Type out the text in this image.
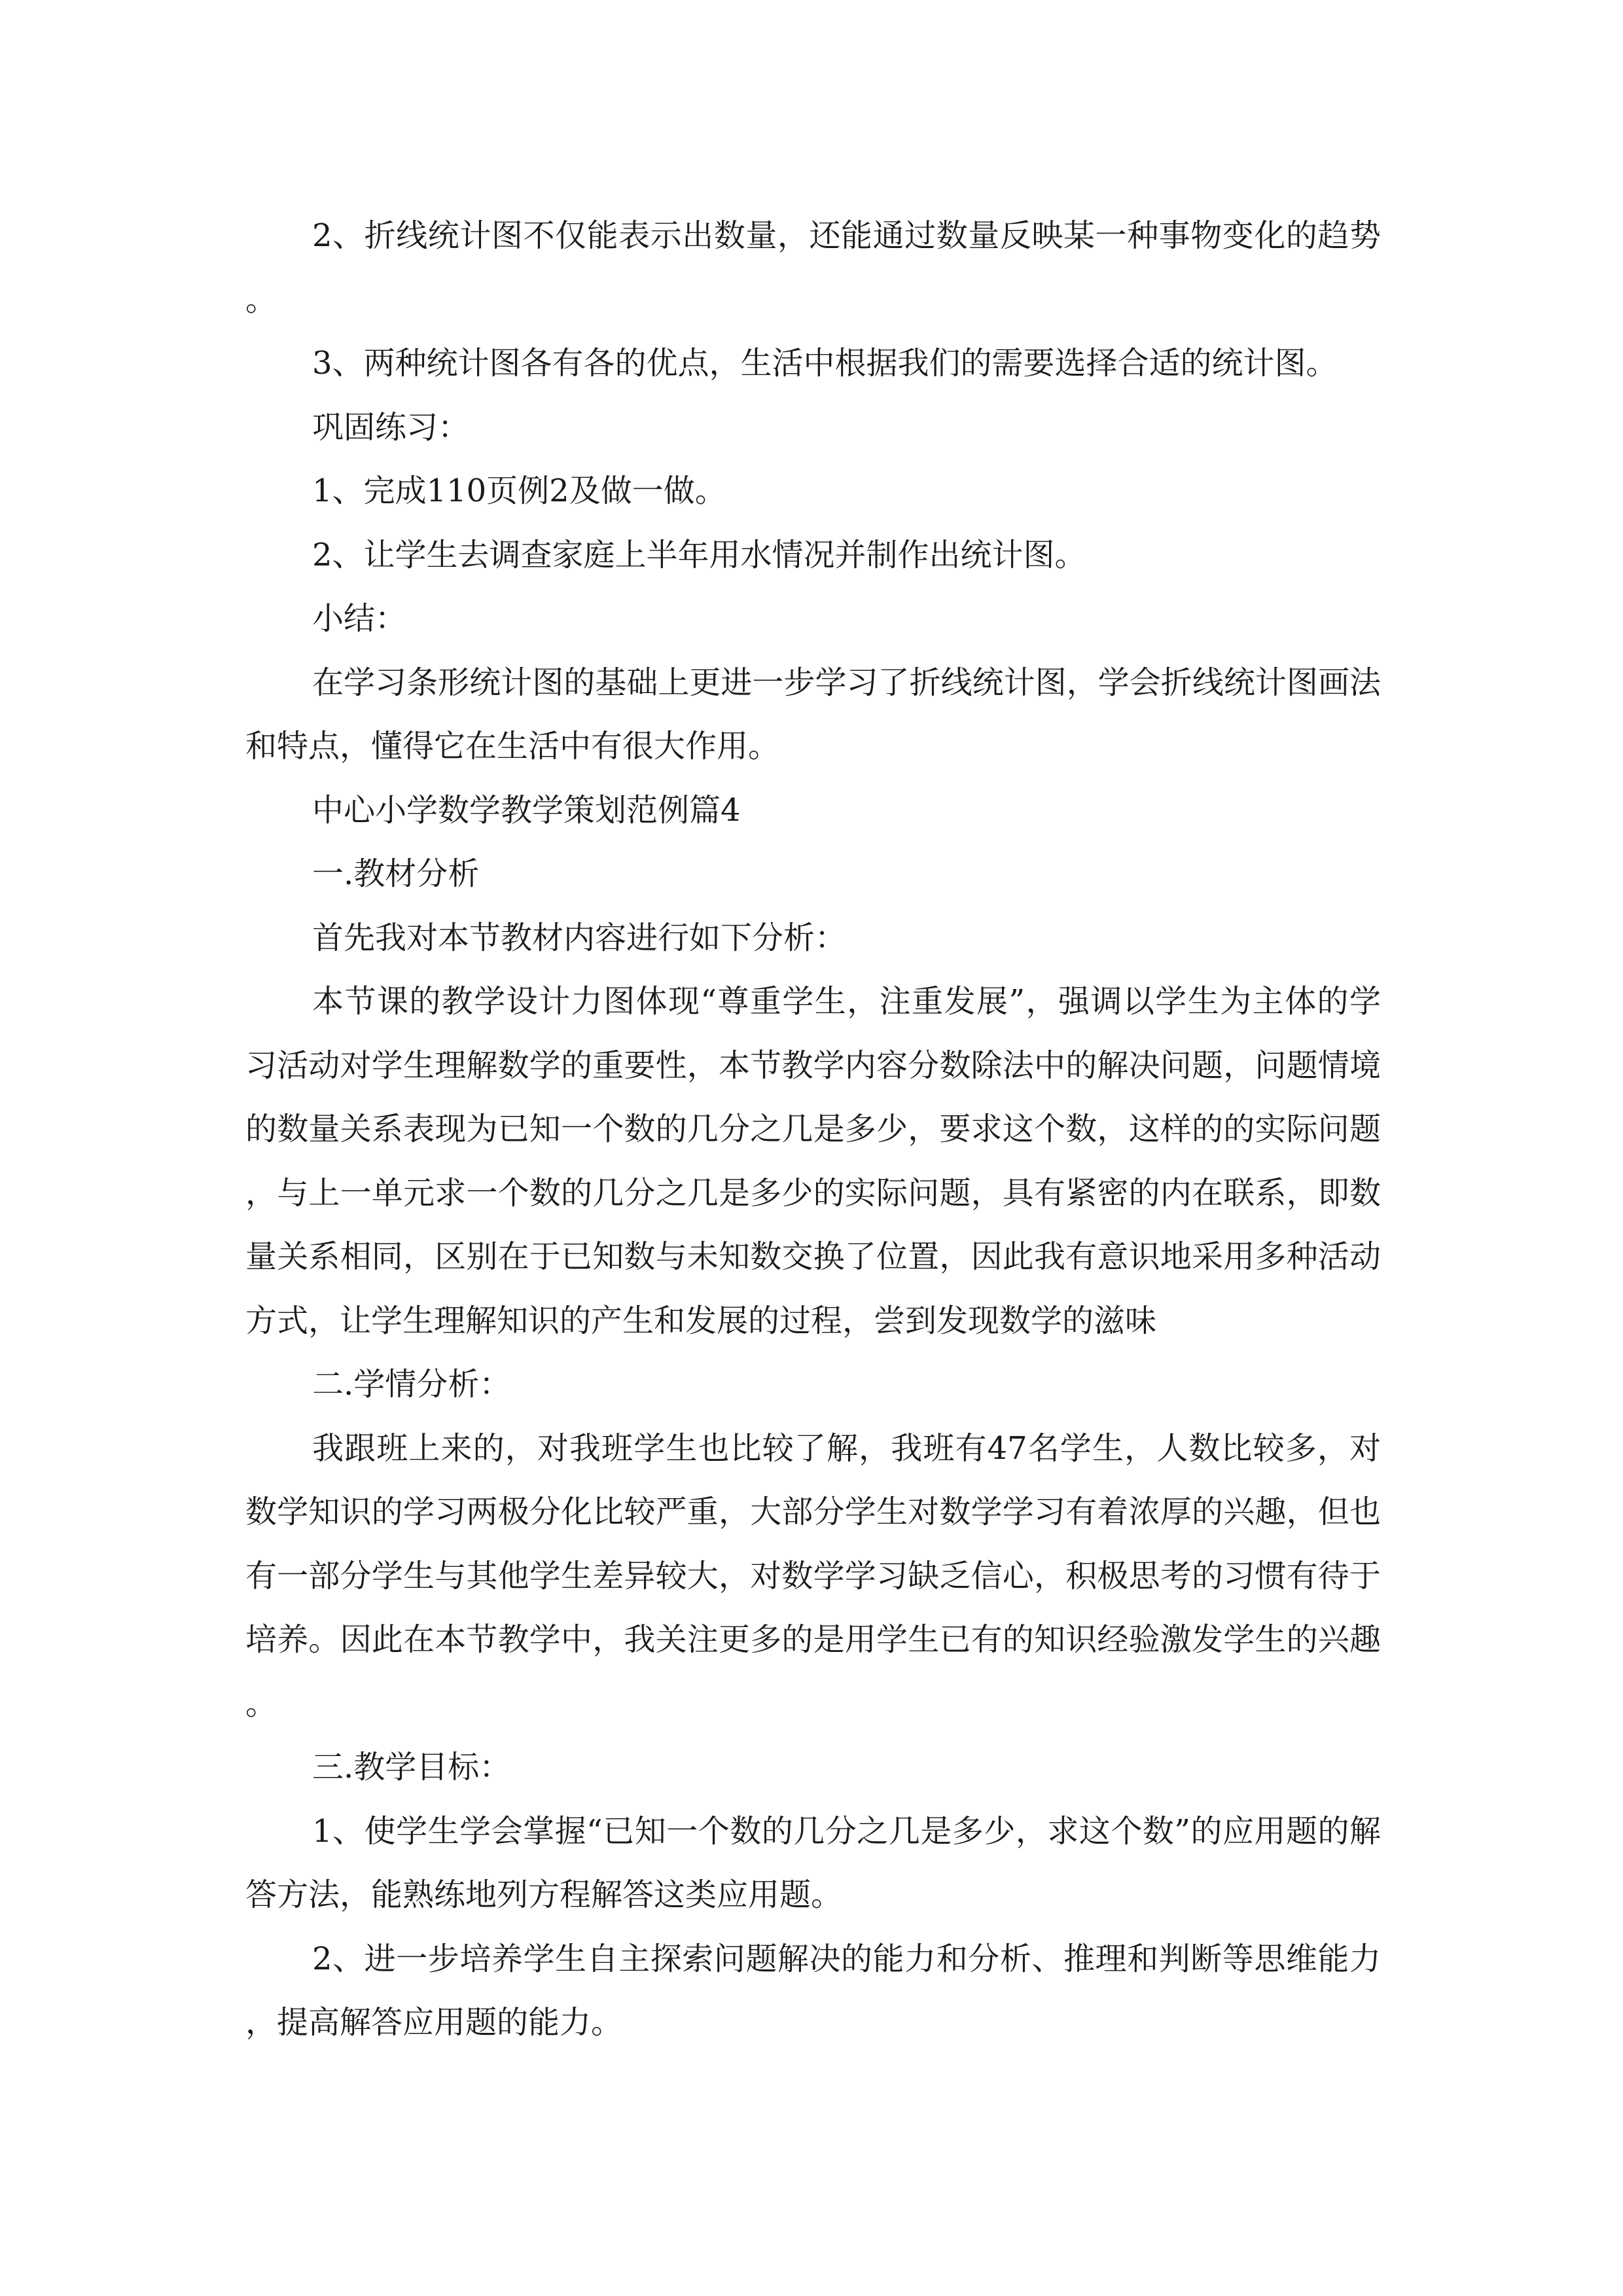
2、折线统计图不仅能表示出数量，还能通过数量反映某一种事物变化的趋势。

3、两种统计图各有各的优点，生活中根据我们的需要选择合适的统计图。

巩固练习：

1、完成110页例2及做一做。

2、让学生去调查家庭上半年用水情况并制作出统计图。

小结：

在学习条形统计图的基础上更进一步学习了折线统计图，学会折线统计图画法和特点，懂得它在生活中有很大作用。

中心小学数学教学策划范例篇4

一.教材分析

首先我对本节教材内容进行如下分析：

本节课的教学设计力图体现“尊重学生，注重发展”，强调以学生为主体的学习活动对学生理解数学的重要性，本节教学内容分数除法中的解决问题，问题情境的数量关系表现为已知一个数的几分之几是多少，要求这个数，这样的的实际问题，与上一单元求一个数的几分之几是多少的实际问题，具有紧密的内在联系，即数量关系相同，区别在于已知数与未知数交换了位置，因此我有意识地采用多种活动方式，让学生理解知识的产生和发展的过程，尝到发现数学的滋味

二.学情分析：

我跟班上来的，对我班学生也比较了解，我班有47名学生，人数比较多，对数学知识的学习两极分化比较严重，大部分学生对数学学习有着浓厚的兴趣，但也有一部分学生与其他学生差异较大，对数学学习缺乏信心，积极思考的习惯有待于培养。因此在本节教学中，我关注更多的是用学生已有的知识经验激发学生的兴趣。

三.教学目标：

1、使学生学会掌握“已知一个数的几分之几是多少，求这个数”的应用题的解答方法，能熟练地列方程解答这类应用题。

2、进一步培养学生自主探索问题解决的能力和分析、推理和判断等思维能力，提高解答应用题的能力。
